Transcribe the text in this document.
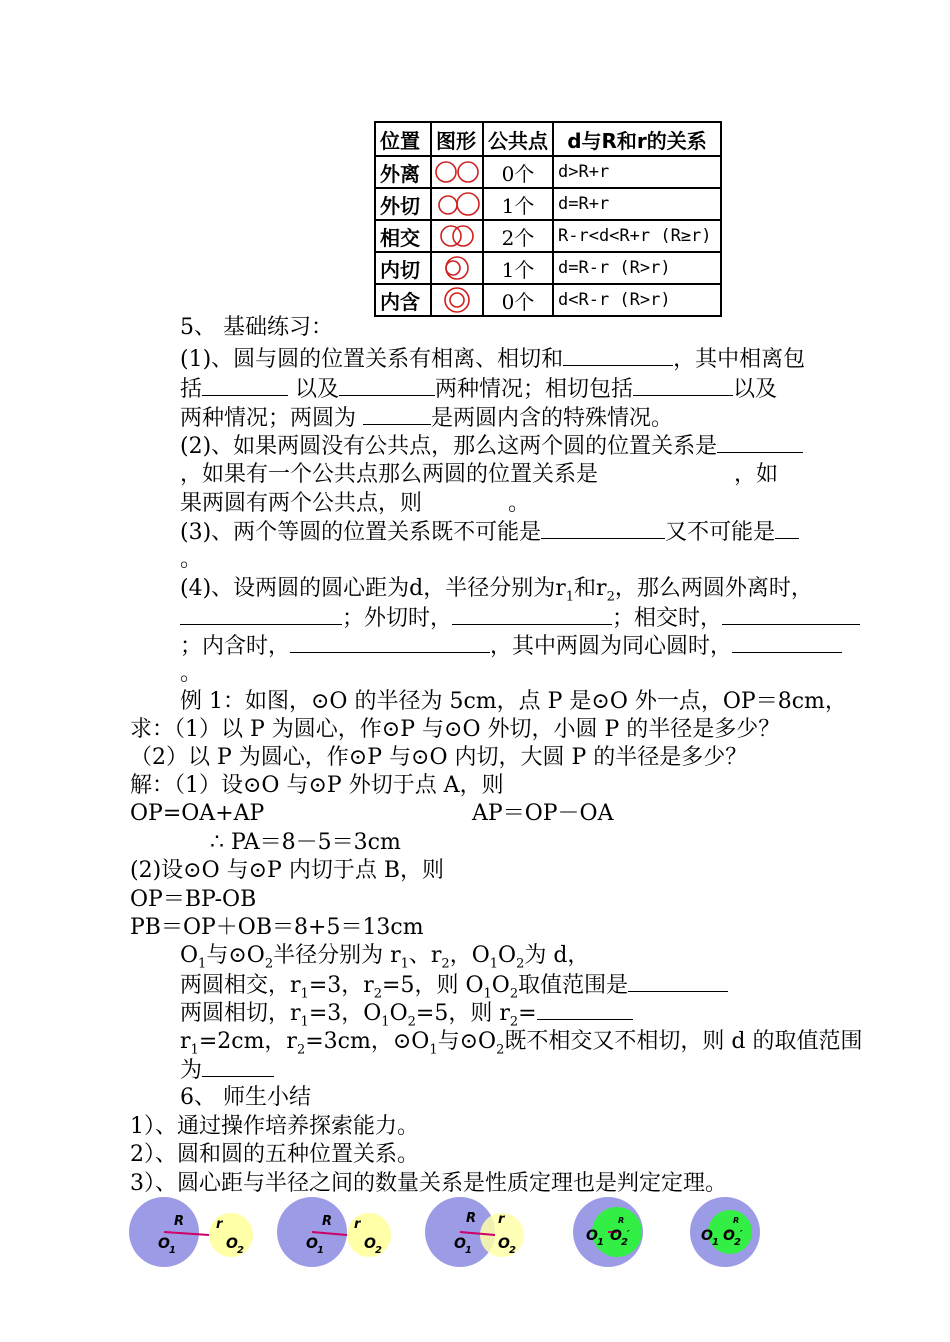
位置	图形	公共点	d与R和r的关系
外离		0个	d>R+r
外切		1个	d=R+r
相交		2个	R-r<d<R+r (R≥r)
内切		1个	d=R-r (R>r)
内含		0个	d<R-r (R>r)
5、 基础练习：
(1)、圆与圆的位置关系有相离、相切和	，其中相离包
括	以及	两种情况；相切包括	以及
两种情况；两圆为	是两圆内含的特殊情况。
(2)、如果两圆没有公共点，那么这两个圆的位置关系是
，如果有一个公共点那么两圆的位置关系是	，如
果两圆有两个公共点，则	。
(3)、两个等圆的位置关系既不可能是	又不可能是
。
(4)、设两圆的圆心距为d，半径分别为$r_1$和$r_2$，那么两圆外离时，
；外切时，	；相交时，
；内含时，	，其中两圆为同心圆时，
。
例 1：如图，⊙O 的半径为 5cm，点 P 是⊙O 外一点，OP＝8cm，
求：（1）以 P 为圆心，作⊙P 与⊙O 外切，小圆 P 的半径是多少？
（2）以 P 为圆心，作⊙P 与⊙O 内切，大圆 P 的半径是多少？
解：（1）设⊙O 与⊙P 外切于点 A，则
OP=OA+AP	AP＝OP－OA
∴ PA＝8－5＝3cm
(2)设⊙O 与⊙P 内切于点 B，则
OP＝BP-OB
PB＝OP＋OB＝8+5＝13cm
$O_1$与$⊙O_2$半径分别为 $r_1$、$r_2$，$O_1O_2$为 d，
两圆相交，$r_1=3$，$r_2=5$，则 $O_1O_2$取值范围是
两圆相切，$r_1=3$，$O_1O_2=5$，则 $r_2=$
$r_1=2cm$，$r_2=3cm$，$⊙O_1$与$⊙O_2$既不相交又不相切，则 d 的取值范围
为
6、 师生小结
1）、通过操作培养探索能力。
2）、圆和圆的五种位置关系。
3）、圆心距与半径之间的数量关系是性质定理也是判定定理。
R r
O 1	O 2
R r
O 1	O 2
R r
O 1 O 2
R
O 1 O 2
′
R
O 1 O 2
′
